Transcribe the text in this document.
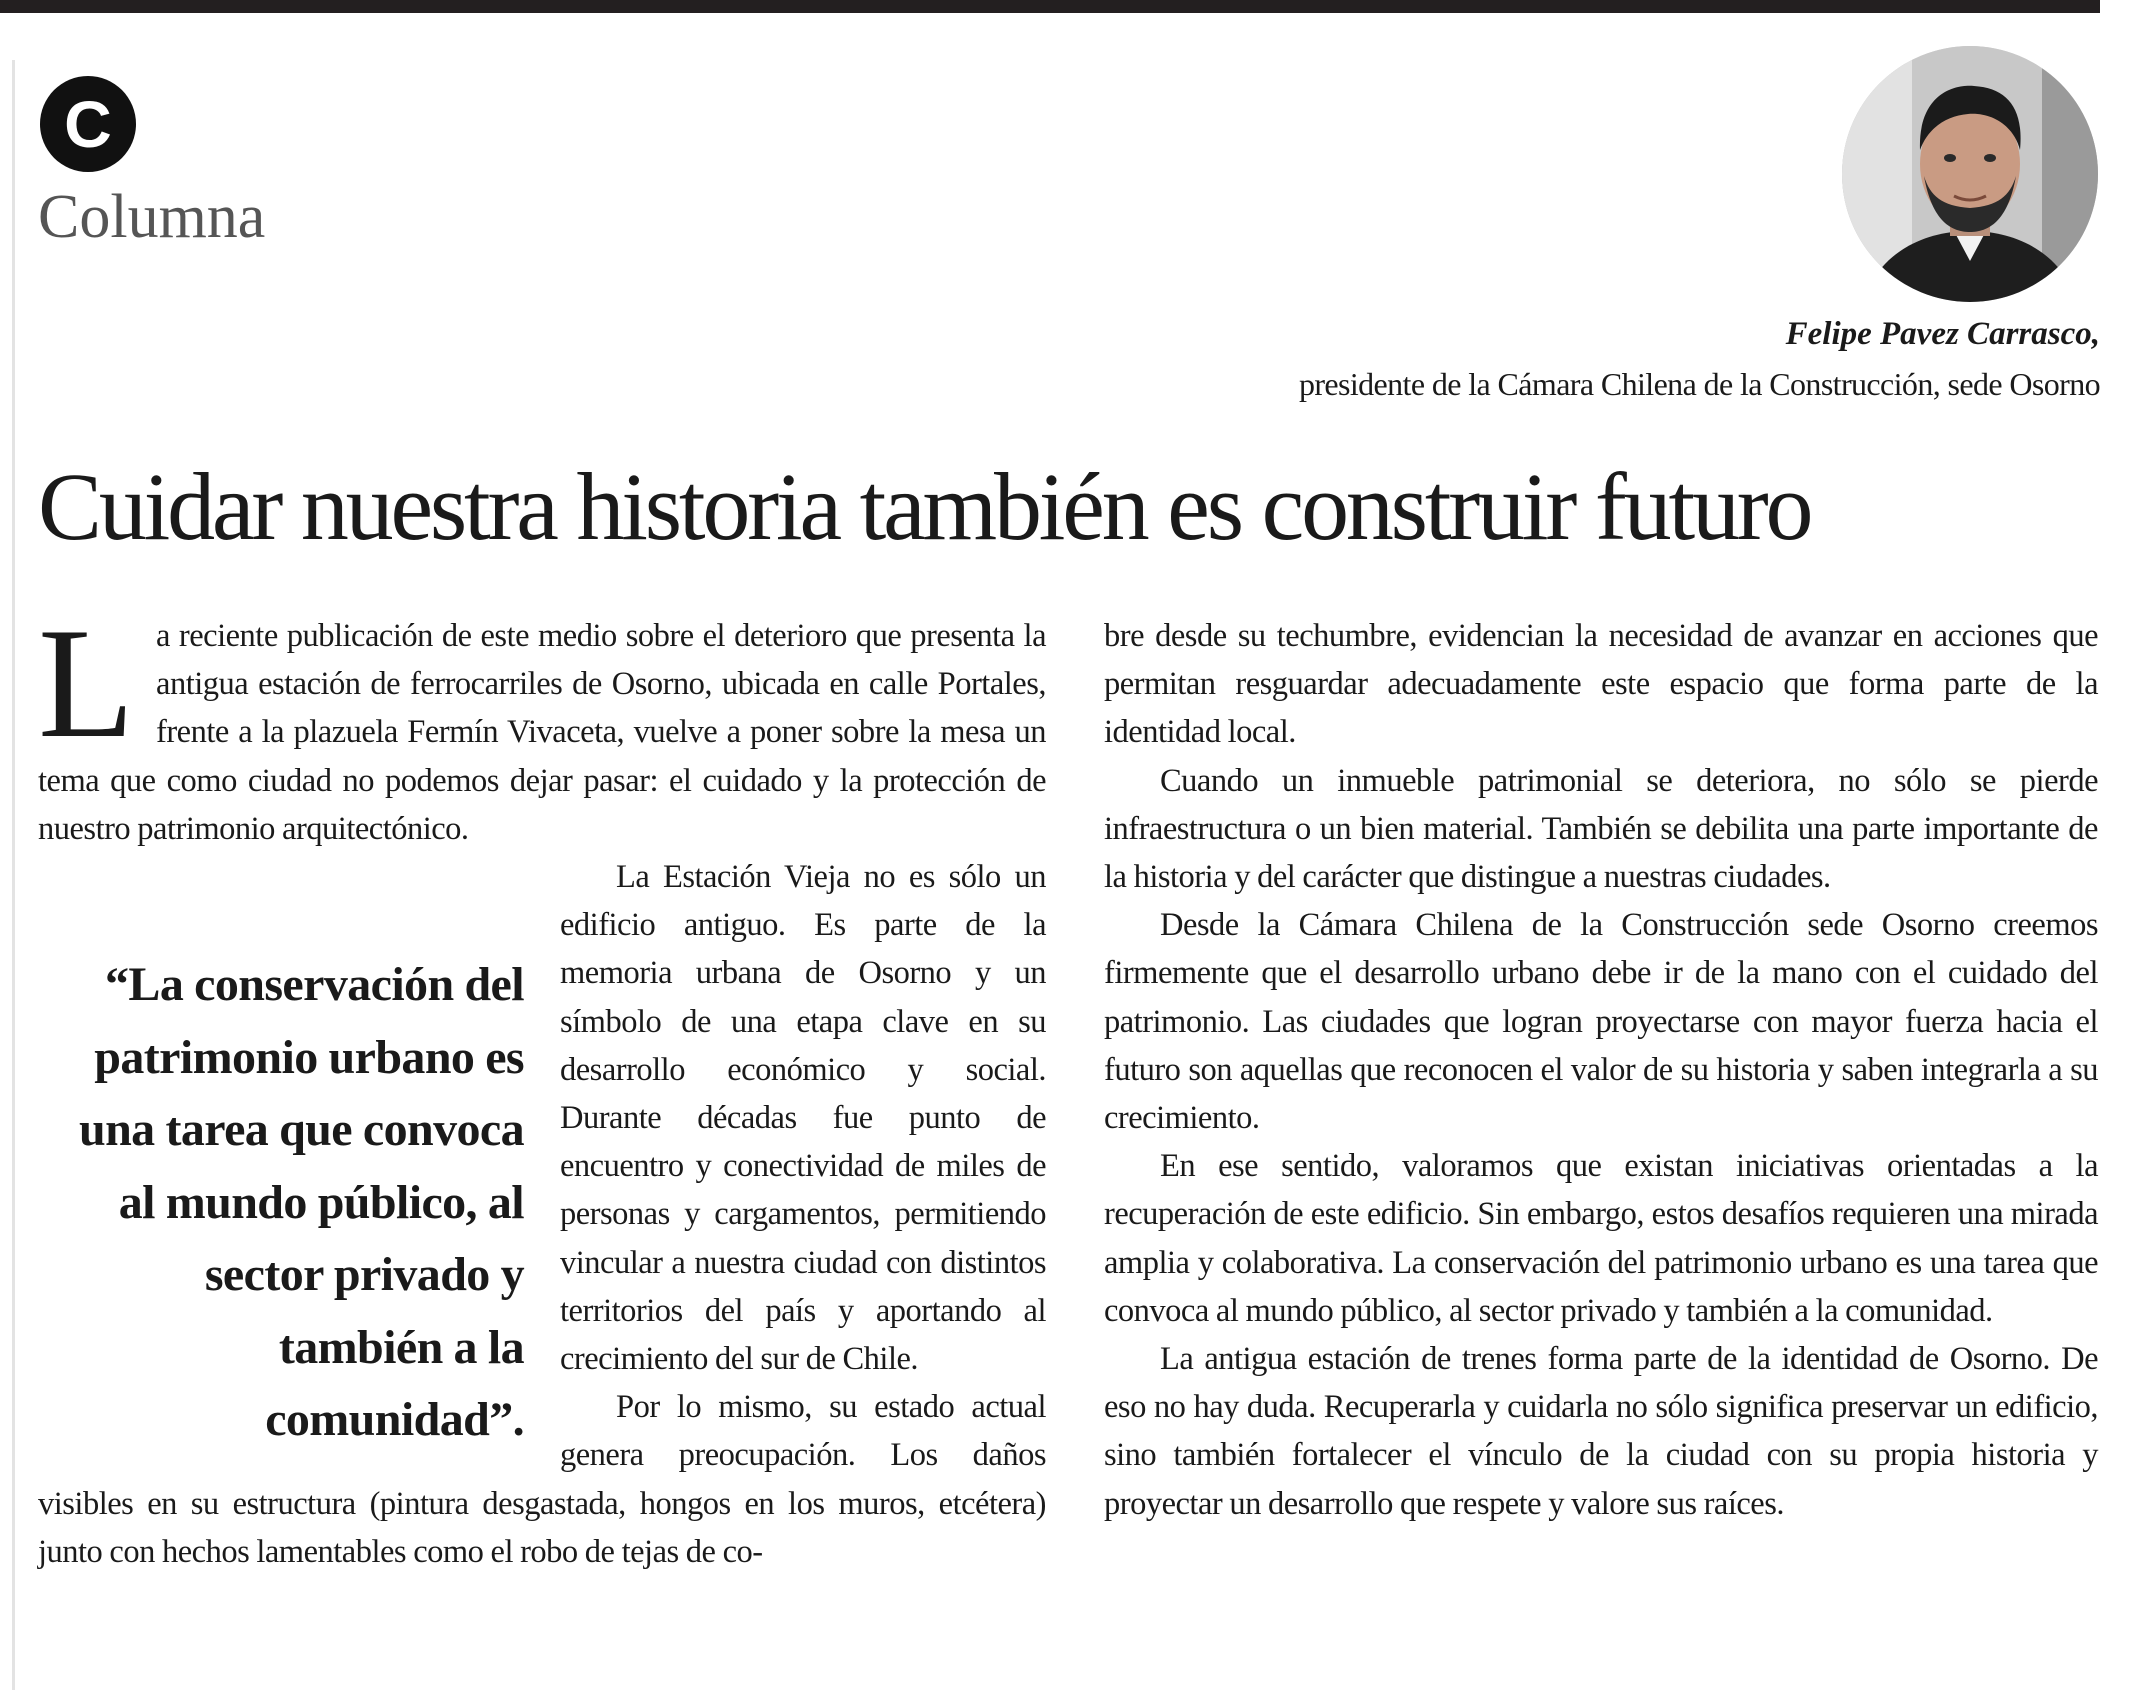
C
Columna
Felipe Pavez Carrasco,
presidente de la Cámara Chilena de la Construcción, sede Osorno
Cuidar nuestra historia también es construir futuro
L a reciente publicación de este medio sobre el deterioro que presenta la antigua estación de ferrocarriles de Osorno, ubicada en calle Portales, frente a la plazuela Fermín Vivaceta, vuelve a poner sobre la mesa un tema que como ciudad no podemos dejar pasar: el cuidado y la protección de nuestro patrimonio arquitectónico.

“La conservación del patrimonio urbano es una tarea que convoca al mundo público, al sector privado y también a la comunidad”.

La Estación Vieja no es sólo un edificio antiguo. Es parte de la memoria urbana de Osorno y un símbolo de una etapa clave en su desarrollo económico y social. Durante décadas fue punto de encuentro y conectividad de miles de personas y cargamentos, permitiendo vincular a nuestra ciudad con distintos territorios del país y aportando al crecimiento del sur de Chile.

Por lo mismo, su estado actual genera preocupación. Los daños visibles en su estructura (pintura desgastada, hongos en los muros, etcétera) junto con hechos lamentables como el robo de tejas de co-

bre desde su techumbre, evidencian la necesidad de avanzar en acciones que permitan resguardar adecuadamente este espacio que forma parte de la identidad local.

Cuando un inmueble patrimonial se deteriora, no sólo se pierde infraestructura o un bien material. También se debilita una parte importante de la historia y del carácter que distingue a nuestras ciudades.

Desde la Cámara Chilena de la Construcción sede Osorno creemos firmemente que el desarrollo urbano debe ir de la mano con el cuidado del patrimonio. Las ciudades que logran proyectarse con mayor fuerza hacia el futuro son aquellas que reconocen el valor de su historia y saben integrarla a su crecimiento.

En ese sentido, valoramos que existan iniciativas orientadas a la recuperación de este edificio. Sin embargo, estos desafíos requieren una mirada amplia y colaborativa. La conservación del patrimonio urbano es una tarea que convoca al mundo público, al sector privado y también a la comunidad.

La antigua estación de trenes forma parte de la identidad de Osorno. De eso no hay duda. Recuperarla y cuidarla no sólo significa preservar un edificio, sino también fortalecer el vínculo de la ciudad con su propia historia y proyectar un desarrollo que respete y valore sus raíces.
